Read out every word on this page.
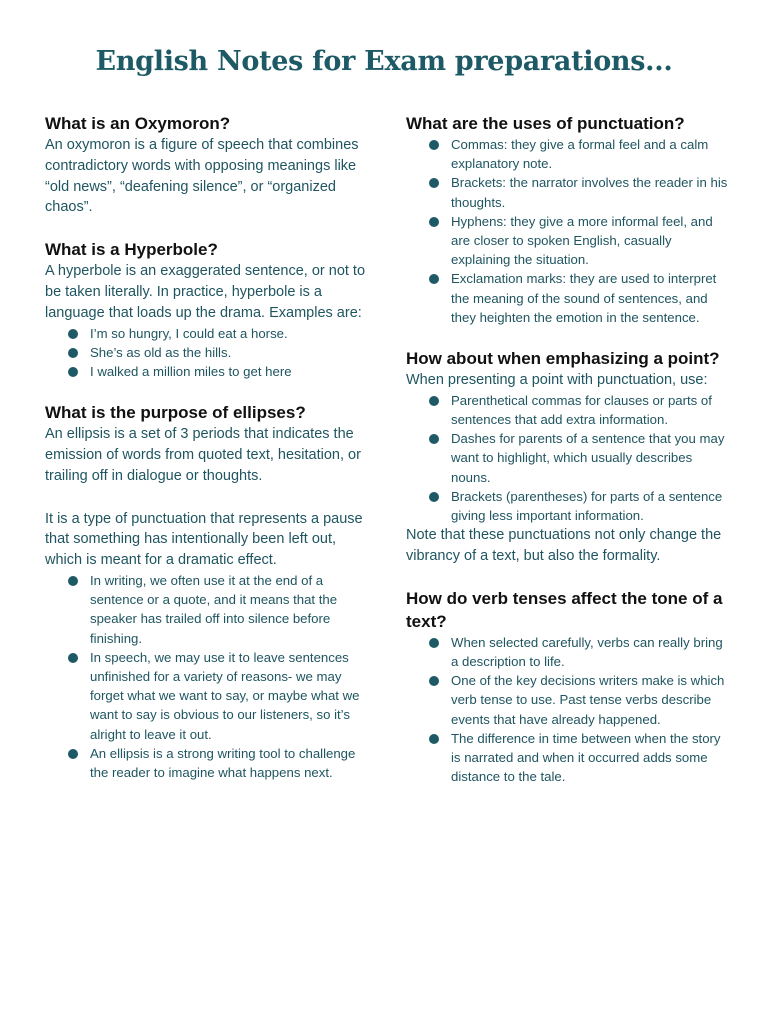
English Notes for Exam preparations...
What is an Oxymoron?

An oxymoron is a figure of speech that combines contradictory words with opposing meanings like “old news”, “deafening silence”, or “organized chaos”.

What is a Hyperbole?

A hyperbole is an exaggerated sentence, or not to be taken literally. In practice, hyperbole is a language that loads up the drama. Examples are:

I’m so hungry, I could eat a horse.
She’s as old as the hills.
I walked a million miles to get here
What is the purpose of ellipses?

An ellipsis is a set of 3 periods that indicates the emission of words from quoted text, hesitation, or trailing off in dialogue or thoughts.

It is a type of punctuation that represents a pause that something has intentionally been left out, which is meant for a dramatic effect.

In writing, we often use it at the end of a sentence or a quote, and it means that the speaker has trailed off into silence before finishing.
In speech, we may use it to leave sentences unfinished for a variety of reasons- we may forget what we want to say, or maybe what we want to say is obvious to our listeners, so it’s alright to leave it out.
An ellipsis is a strong writing tool to challenge the reader to imagine what happens next.
What are the uses of punctuation?
Commas: they give a formal feel and a calm explanatory note.
Brackets: the narrator involves the reader in his thoughts.
Hyphens: they give a more informal feel, and are closer to spoken English, casually explaining the situation.
Exclamation marks: they are used to interpret the meaning of the sound of sentences, and they heighten the emotion in the sentence.
How about when emphasizing a point?

When presenting a point with punctuation, use:

Parenthetical commas for clauses or parts of sentences that add extra information.
Dashes for parents of a sentence that you may want to highlight, which usually describes nouns.
Brackets (parentheses) for parts of a sentence giving less important information.

Note that these punctuations not only change the vibrancy of a text, but also the formality.

How do verb tenses affect the tone of a text?
When selected carefully, verbs can really bring a description to life.
One of the key decisions writers make is which verb tense to use. Past tense verbs describe events that have already happened.
The difference in time between when the story is narrated and when it occurred adds some distance to the tale.
